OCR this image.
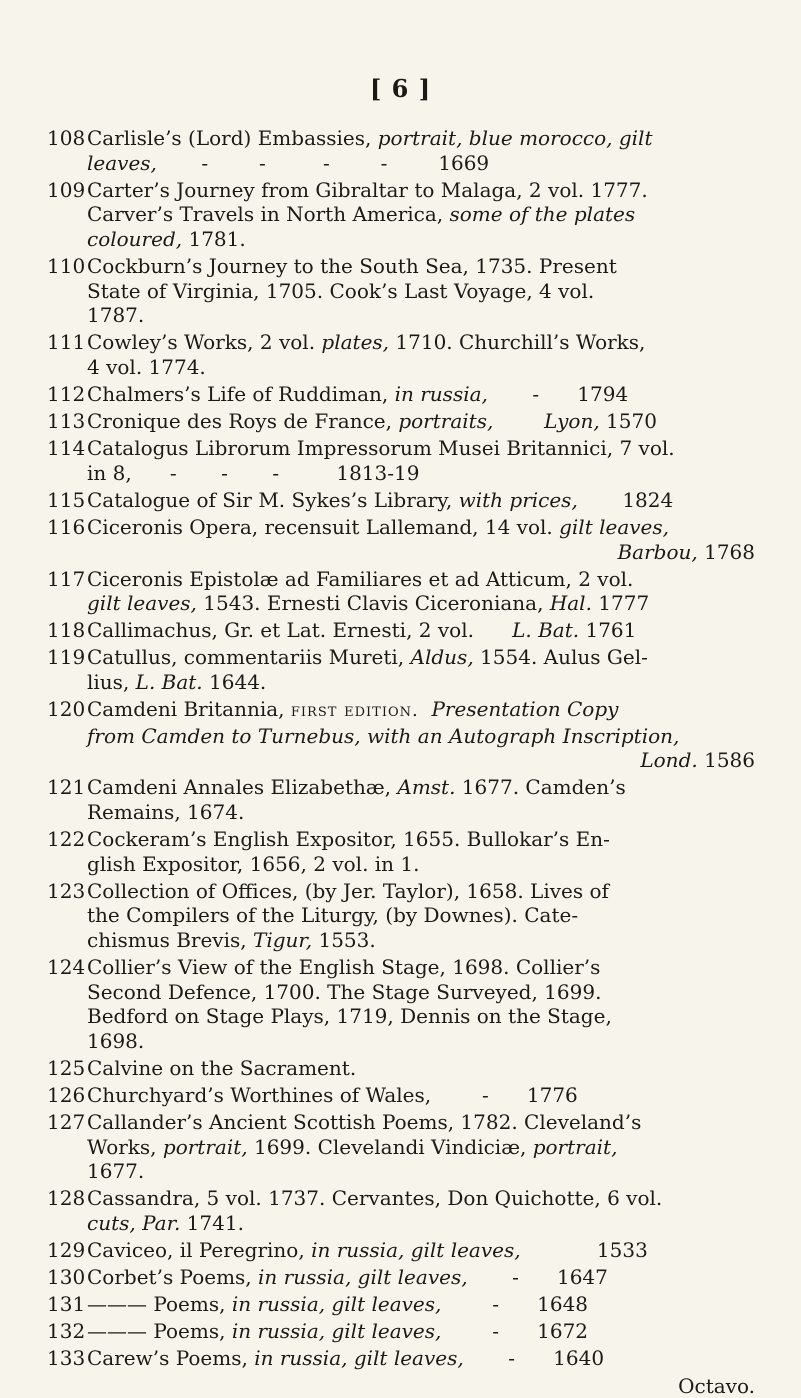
[ 6 ]
108 Carlisle’s (Lord) Embassies, portrait, blue morocco, gilt
leaves,       -        -         -        -        1669
109 Carter’s Journey from Gibraltar to Malaga, 2 vol. 1777.
Carver’s Travels in North America, some of the plates
coloured, 1781.
110 Cockburn’s Journey to the South Sea, 1735. Present
State of Virginia, 1705. Cook’s Last Voyage, 4 vol.
1787.
111 Cowley’s Works, 2 vol. plates, 1710. Churchill’s Works,
4 vol. 1774.
112 Chalmers’s Life of Ruddiman, in russia,       -      1794
113 Cronique des Roys de France, portraits,	Lyon, 1570
114 Catalogus Librorum Impressorum Musei Britannici, 7 vol.
in 8,      -       -       -         1813-19
115 Catalogue of Sir M. Sykes’s Library, with prices,       1824
116 Ciceronis Opera, recensuit Lallemand, 14 vol. gilt leaves,
Barbou, 1768
117 Ciceronis Epistolæ ad Familiares et ad Atticum, 2 vol.
gilt leaves, 1543. Ernesti Clavis Ciceroniana, Hal. 1777
118 Callimachus, Gr. et Lat. Ernesti, 2 vol.      L. Bat. 1761
119 Catullus, commentariis Mureti, Aldus, 1554. Aulus Gel-
lius, L. Bat. 1644.
120 Camdeni Britannia, first edition. Presentation Copy
from Camden to Turnebus, with an Autograph Inscription,
Lond. 1586
121 Camdeni Annales Elizabethæ, Amst. 1677. Camden’s
Remains, 1674.
122 Cockeram’s English Expositor, 1655. Bullokar’s En-
glish Expositor, 1656, 2 vol. in 1.
123 Collection of Offices, (by Jer. Taylor), 1658. Lives of
the Compilers of the Liturgy, (by Downes). Cate-
chismus Brevis, Tigur, 1553.
124 Collier’s View of the English Stage, 1698. Collier’s
Second Defence, 1700. The Stage Surveyed, 1699.
Bedford on Stage Plays, 1719, Dennis on the Stage,
1698.
125 Calvine on the Sacrament.
126 Churchyard’s Worthines of Wales,        -      1776
127 Callander’s Ancient Scottish Poems, 1782. Cleveland’s
Works, portrait, 1699. Clevelandi Vindiciæ, portrait,
1677.
128 Cassandra, 5 vol. 1737. Cervantes, Don Quichotte, 6 vol.
cuts, Par. 1741.
129 Caviceo, il Peregrino, in russia, gilt leaves,            1533
130 Corbet’s Poems, in russia, gilt leaves,       -      1647
131 ——— Poems, in russia, gilt leaves,        -      1648
132 ——— Poems, in russia, gilt leaves,        -      1672
133 Carew’s Poems, in russia, gilt leaves,       -      1640
Octavo.
